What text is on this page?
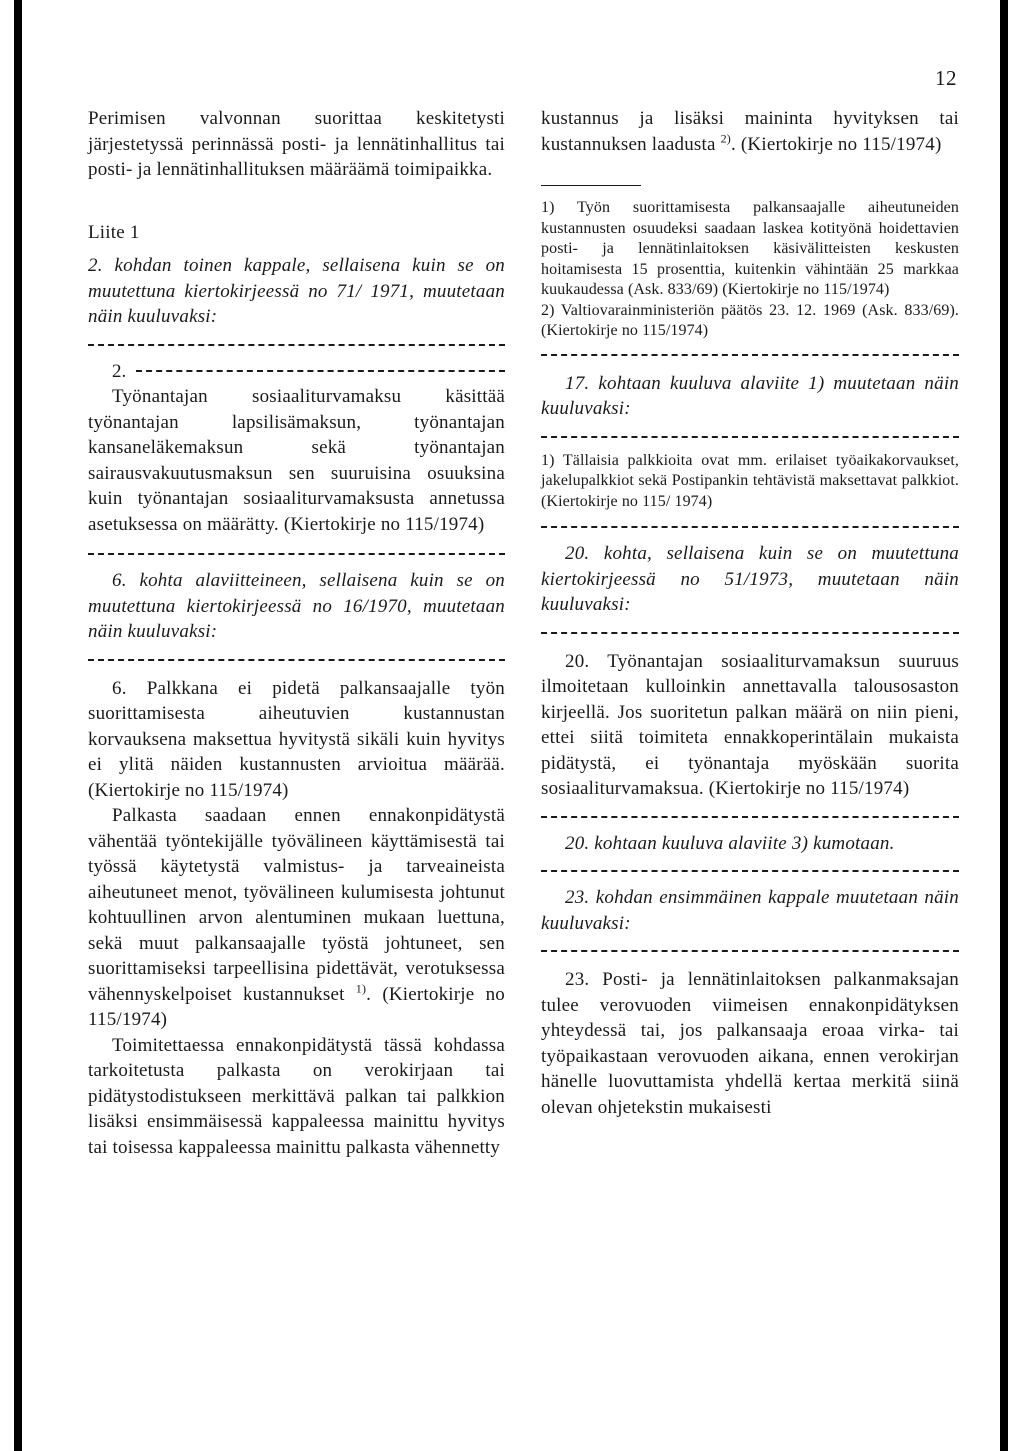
12

Perimisen valvonnan suorittaa keskitetysti järjestetyssä perinnässä posti- ja lennätinhallitus tai posti- ja lennätinhallituksen määräämä toimipaikka.

Liite 1

2. kohdan toinen kappale, sellaisena kuin se on muutettuna kiertokirjeessä no 71/ 1971, muutetaan näin kuuluvaksi:

2.

Työnantajan sosiaaliturvamaksu käsittää työnantajan lapsilisämaksun, työnantajan kansaneläkemaksun sekä työnantajan sairausvakuutusmaksun sen suuruisina osuuksina kuin työnantajan sosiaaliturvamaksusta annetussa asetuksessa on määrätty. (Kiertokirje no 115/1974)

6. kohta alaviitteineen, sellaisena kuin se on muutettuna kiertokirjeessä no 16/1970, muutetaan näin kuuluvaksi:

6. Palkkana ei pidetä palkansaajalle työn suorittamisesta aiheutuvien kustannustan korvauksena maksettua hyvitystä sikäli kuin hyvitys ei ylitä näiden kustannusten arvioitua määrää. (Kiertokirje no 115/1974)

Palkasta saadaan ennen ennakonpidätystä vähentää työntekijälle työvälineen käyttämisestä tai työssä käytetystä valmistus- ja tarveaineista aiheutuneet menot, työvälineen kulumisesta johtunut kohtuullinen arvon alentuminen mukaan luettuna, sekä muut palkansaajalle työstä johtuneet, sen suorittamiseksi tarpeellisina pidettävät, verotuksessa vähennyskelpoiset kustannukset $^{1)}$. (Kiertokirje no 115/1974)

Toimitettaessa ennakonpidätystä tässä kohdassa tarkoitetusta palkasta on verokirjaan tai pidätystodistukseen merkittävä palkan tai palkkion lisäksi ensimmäisessä kappaleessa mainittu hyvitys tai toisessa kappaleessa mainittu palkasta vähennetty

kustannus ja lisäksi maininta hyvityksen tai kustannuksen laadusta $^{2)}$. (Kiertokirje no 115/1974)

1) Työn suorittamisesta palkansaajalle aiheutuneiden kustannusten osuudeksi saadaan laskea kotityönä hoidettavien posti- ja lennätinlaitoksen käsivälitteisten keskusten hoitamisesta 15 prosenttia, kuitenkin vähintään 25 markkaa kuukaudessa (Ask. 833/69) (Kiertokirje no 115/1974)

2) Valtiovarainministeriön päätös 23. 12. 1969 (Ask. 833/69). (Kiertokirje no 115/1974)

17. kohtaan kuuluva alaviite 1) muutetaan näin kuuluvaksi:

1) Tällaisia palkkioita ovat mm. erilaiset työaikakorvaukset, jakelupalkkiot sekä Postipankin tehtävistä maksettavat palkkiot. (Kiertokirje no 115/ 1974)

20. kohta, sellaisena kuin se on muutettuna kiertokirjeessä no 51/1973, muutetaan näin kuuluvaksi:

20. Työnantajan sosiaaliturvamaksun suuruus ilmoitetaan kulloinkin annettavalla talousosaston kirjeellä. Jos suoritetun palkan määrä on niin pieni, ettei siitä toimiteta ennakkoperintälain mukaista pidätystä, ei työnantaja myöskään suorita sosiaaliturvamaksua. (Kiertokirje no 115/1974)

20. kohtaan kuuluva alaviite 3) kumotaan.

23. kohdan ensimmäinen kappale muutetaan näin kuuluvaksi:

23. Posti- ja lennätinlaitoksen palkanmaksajan tulee verovuoden viimeisen ennakonpidätyksen yhteydessä tai, jos palkansaaja eroaa virka- tai työpaikastaan verovuoden aikana, ennen verokirjan hänelle luovuttamista yhdellä kertaa merkitä siinä olevan ohjetekstin mukaisesti
